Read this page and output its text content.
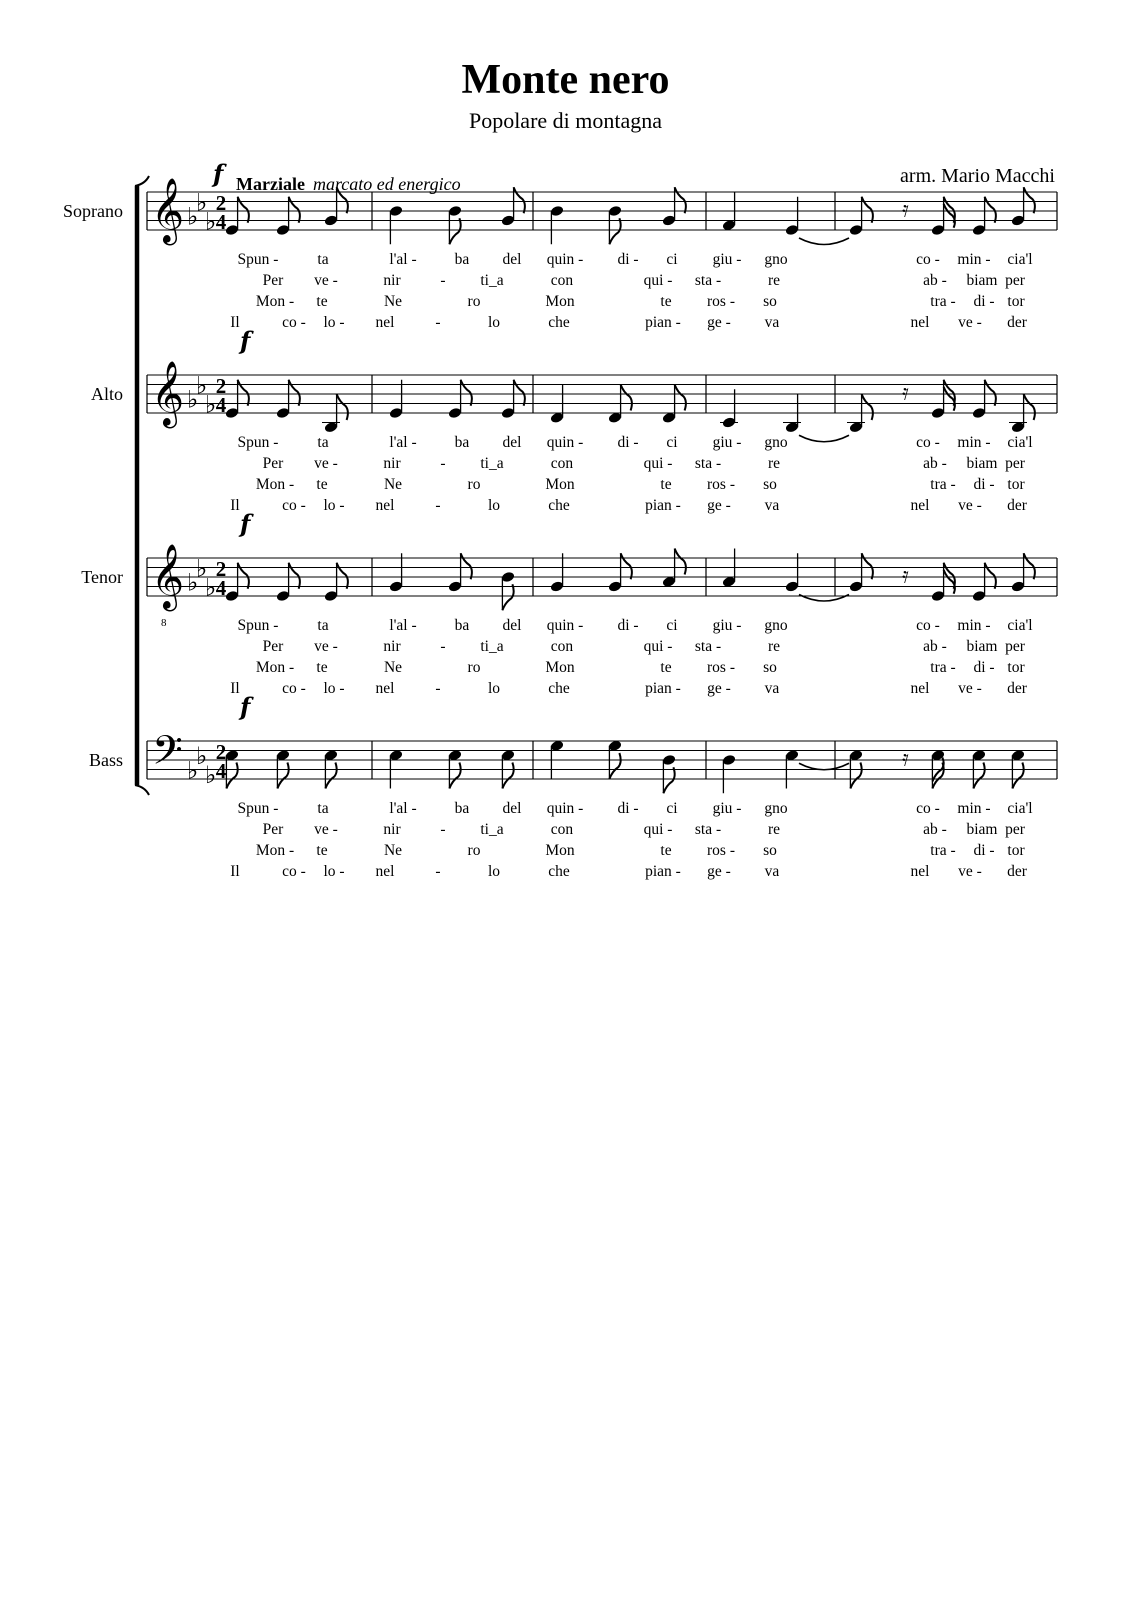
Monte nero
Popolare di montagna
arm. Mario Macchi
Marziale marcato ed energico
Soprano 𝄞 ♭
♭
♭
2
4
f
𝄿
Spun -	ta	l'al - ba del quin - di - ci giu - gno	co - min - cia'l
Per ve -	nir	- ti_a	con	qui - sta -	re	ab - biam per
Mon - te	Ne	ro	Mon	te ros - so	tra - di - tor
Il	co - lo - nel	-	lo	che	pian - ge - va	nel ve - der
Alto 𝄞 ♭
♭
♭
2
4
f
𝄿
Spun -	ta	l'al - ba del quin - di - ci giu - gno	co - min - cia'l
Per ve -	nir	- ti_a	con	qui - sta -	re	ab - biam per
Mon - te	Ne	ro	Mon	te ros - so	tra - di - tor
Il	co - lo - nel	-	lo	che	pian - ge - va	nel ve - der
Tenor 𝄞
8
♭
♭
♭
2
4
f
𝄿
Spun -	ta	l'al - ba del quin - di - ci giu - gno	co - min - cia'l
Per ve -	nir	- ti_a	con	qui - sta -	re	ab - biam per
Mon - te	Ne	ro	Mon	te ros - so	tra - di - tor
Il	co - lo - nel	-	lo	che	pian - ge - va	nel ve - der
Bass 𝄢 ♭
♭
♭
2
4
f
𝄿
Spun -	ta	l'al - ba del quin - di - ci giu - gno	co - min - cia'l
Per ve -	nir	- ti_a	con	qui - sta -	re	ab - biam per
Mon - te	Ne	ro	Mon	te ros - so	tra - di - tor
Il	co - lo - nel	-	lo	che	pian - ge - va	nel ve - der
